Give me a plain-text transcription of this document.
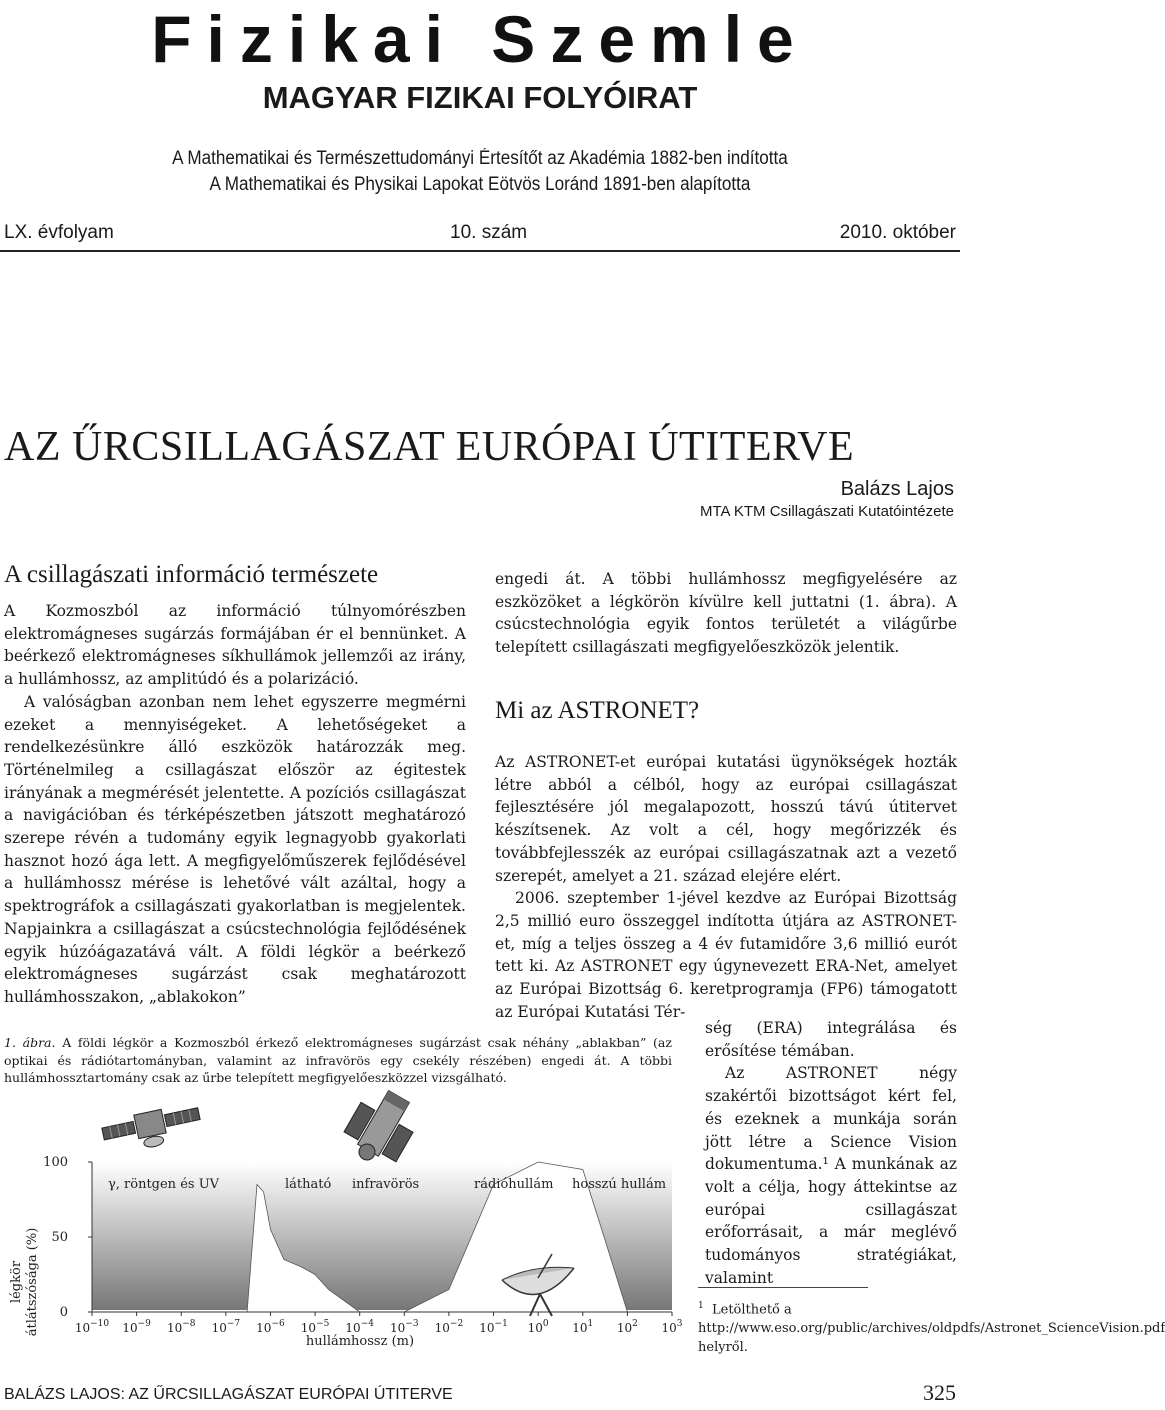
Fizikai Szemle
MAGYAR FIZIKAI FOLYÓIRAT
A Mathematikai és Természettudományi Értesítőt az Akadémia 1882-ben indította
A Mathematikai és Physikai Lapokat Eötvös Loránd 1891-ben alapította
LX. évfolyam	10. szám	2010. október
AZ ŰRCSILLAGÁSZAT EURÓPAI ÚTITERVE
Balázs Lajos
MTA KTM Csillagászati Kutatóintézete
A csillagászati információ természete

A Kozmoszból az információ túlnyomórészben elektromágneses sugárzás formájában ér el bennünket. A beérkező elektromágneses síkhullámok jellemzői az irány, a hullámhossz, az amplitúdó és a polarizáció.

A valóságban azonban nem lehet egyszerre megmérni ezeket a mennyiségeket. A lehetőségeket a rendelkezésünkre álló eszközök határozzák meg. Történelmileg a csillagászat először az égitestek irányának a megmérését jelentette. A pozíciós csillagászat a navigációban és térképészetben játszott meghatározó szerepe révén a tudomány egyik legnagyobb gyakorlati hasznot hozó ága lett. A megfigyelőműszerek fejlődésével a hullámhossz mérése is lehetővé vált azáltal, hogy a spektrográfok a csillagászati gyakorlatban is megjelentek. Napjainkra a csillagászat a csúcstechnológia fejlődésének egyik húzóágazatává vált. A földi légkör a beérkező elektromágneses sugárzást csak meghatározott hullámhosszakon, „ablakokon”

engedi át. A többi hullámhossz megfigyelésére az eszközöket a légkörön kívülre kell juttatni (1. ábra). A csúcstechnológia egyik fontos területét a világűrbe telepített csillagászati megfigyelőeszközök jelentik.

Mi az ASTRONET?

Az ASTRONET-et európai kutatási ügynökségek hozták létre abból a célból, hogy az európai csillagászat fejlesztésére jól megalapozott, hosszú távú útitervet készítsenek. Az volt a cél, hogy megőrizzék és továbbfejlesszék az európai csillagászatnak azt a vezető szerepét, amelyet a 21. század elejére elért.

2006. szeptember 1-jével kezdve az Európai Bizottság 2,5 millió euro összeggel indította útjára az ASTRONET-et, míg a teljes összeg a 4 év futamidőre 3,6 millió eurót tett ki. Az ASTRONET egy úgynevezett ERA-Net, amelyet az Európai Bizottság 6. keretprogramja (FP6) támogatott az Európai Kutatási Tér-

ség (ERA) integrálása és erősítése témában.

Az ASTRONET négy szakértői bizottságot kért fel, és ezeknek a munkája során jött létre a Science Vision dokumentuma.¹ A munkának az volt a célja, hogy áttekintse az európai csillagászat erőforrásait, a már meglévő tudományos stratégiákat, valamint

1. ábra. A földi légkör a Kozmoszból érkező elektromágneses sugárzást csak néhány „ablakban” (az optikai és rádiótartományban, valamint az infravörös egy csekély részében) engedi át. A többi hullámhossztartomány csak az űrbe telepített megfigyelőeszközzel vizsgálható.
0
50
100
$10^{-10}$ $10^{-9}$ $10^{-8}$ $10^{-7}$ $10^{-6}$ $10^{-5}$ $10^{-4}$ $10^{-3}$ $10^{-2}$ $10^{-1}$ $10^0$ $10^1$ $10^2$ $10^3$
légkör átlátszósága (%)
hullámhossz (m)
γ, röntgen és UV	látható infravörös	rádióhullám hosszú hullám
$^1$ Letölthető a http://www.eso.org/public/archives/oldpdfs/Astronet_ScienceVision.pdf helyről.
BALÁZS LAJOS: AZ ŰRCSILLAGÁSZAT EURÓPAI ÚTITERVE	325
